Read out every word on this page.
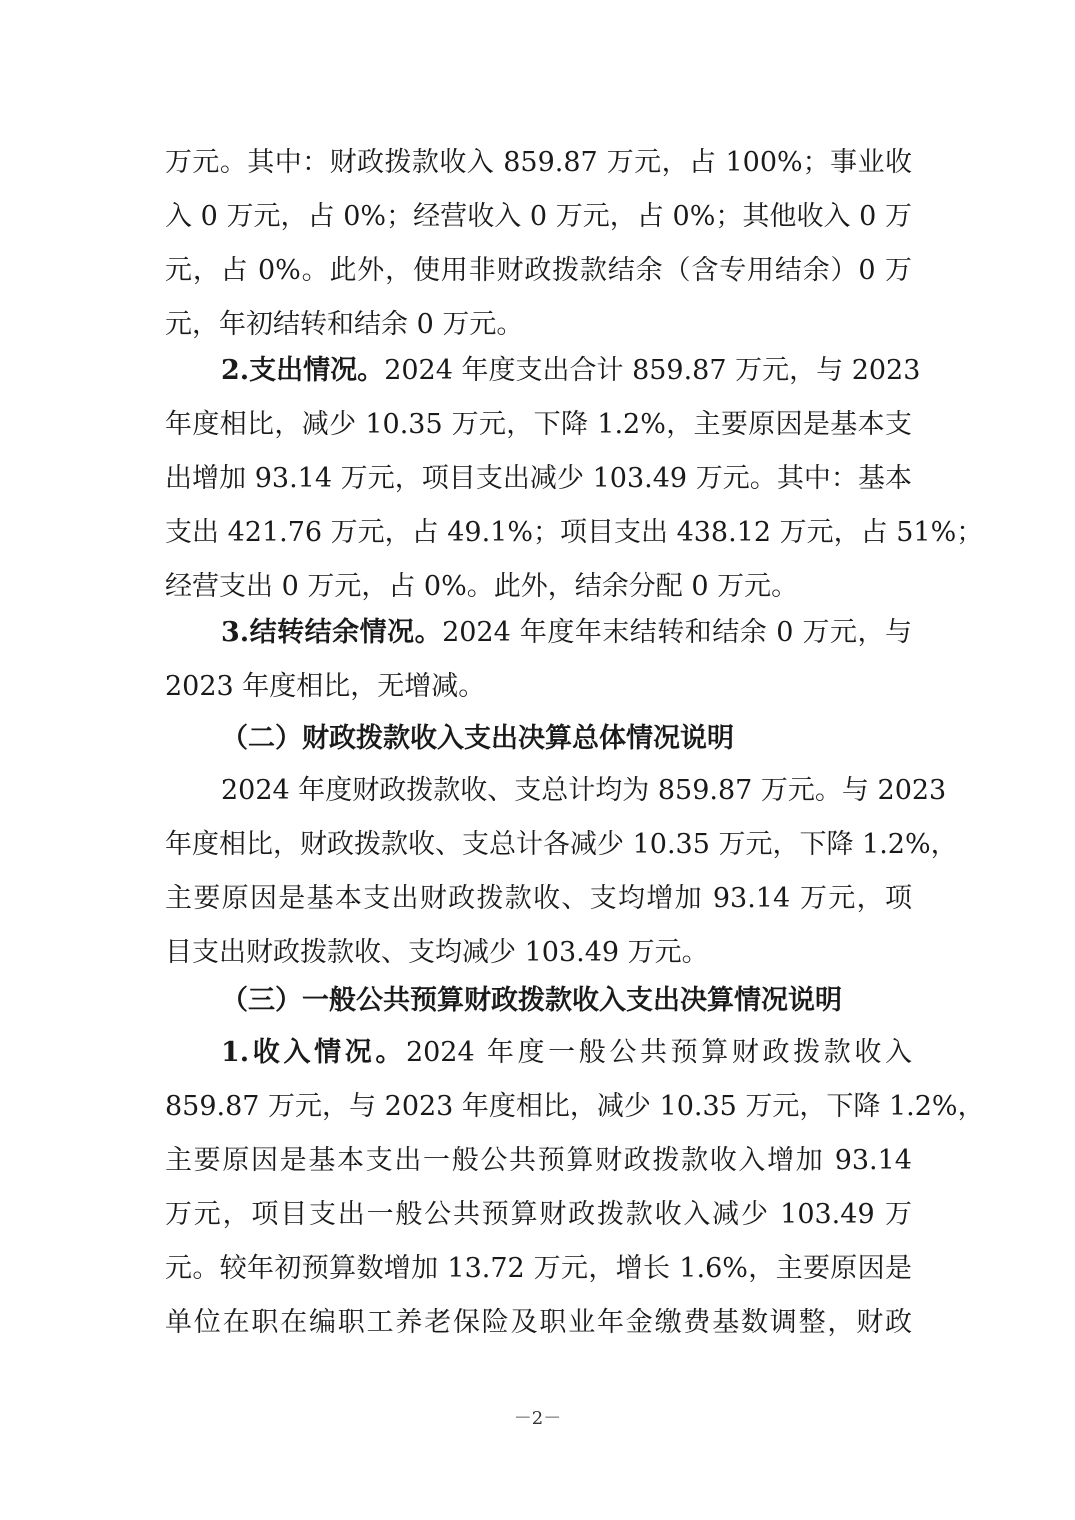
万元。其中：财政拨款收入 859.87 万元，占 100%；事业收
入 0 万元，占 0%；经营收入 0 万元，占 0%；其他收入 0 万
元，占 0%。此外，使用非财政拨款结余（含专用结余）0 万
元，年初结转和结余 0 万元。
2.支出情况。2024 年度支出合计 859.87 万元，与 2023
年度相比，减少 10.35 万元，下降 1.2%，主要原因是基本支
出增加 93.14 万元，项目支出减少 103.49 万元。其中：基本
支出 421.76 万元，占 49.1%；项目支出 438.12 万元，占 51%；
经营支出 0 万元，占 0%。此外，结余分配 0 万元。
3.结转结余情况。2024 年度年末结转和结余 0 万元，与
2023 年度相比，无增减。
（二）财政拨款收入支出决算总体情况说明
2024 年度财政拨款收、支总计均为 859.87 万元。与 2023
年度相比，财政拨款收、支总计各减少 10.35 万元，下降 1.2%，
主要原因是基本支出财政拨款收、支均增加 93.14 万元，项
目支出财政拨款收、支均减少 103.49 万元。
（三）一般公共预算财政拨款收入支出决算情况说明
1.收入情况。2024 年度一般公共预算财政拨款收入
859.87 万元，与 2023 年度相比，减少 10.35 万元，下降 1.2%，
主要原因是基本支出一般公共预算财政拨款收入增加 93.14
万元，项目支出一般公共预算财政拨款收入减少 103.49 万
元。较年初预算数增加 13.72 万元，增长 1.6%，主要原因是
单位在职在编职工养老保险及职业年金缴费基数调整，财政
－2－
